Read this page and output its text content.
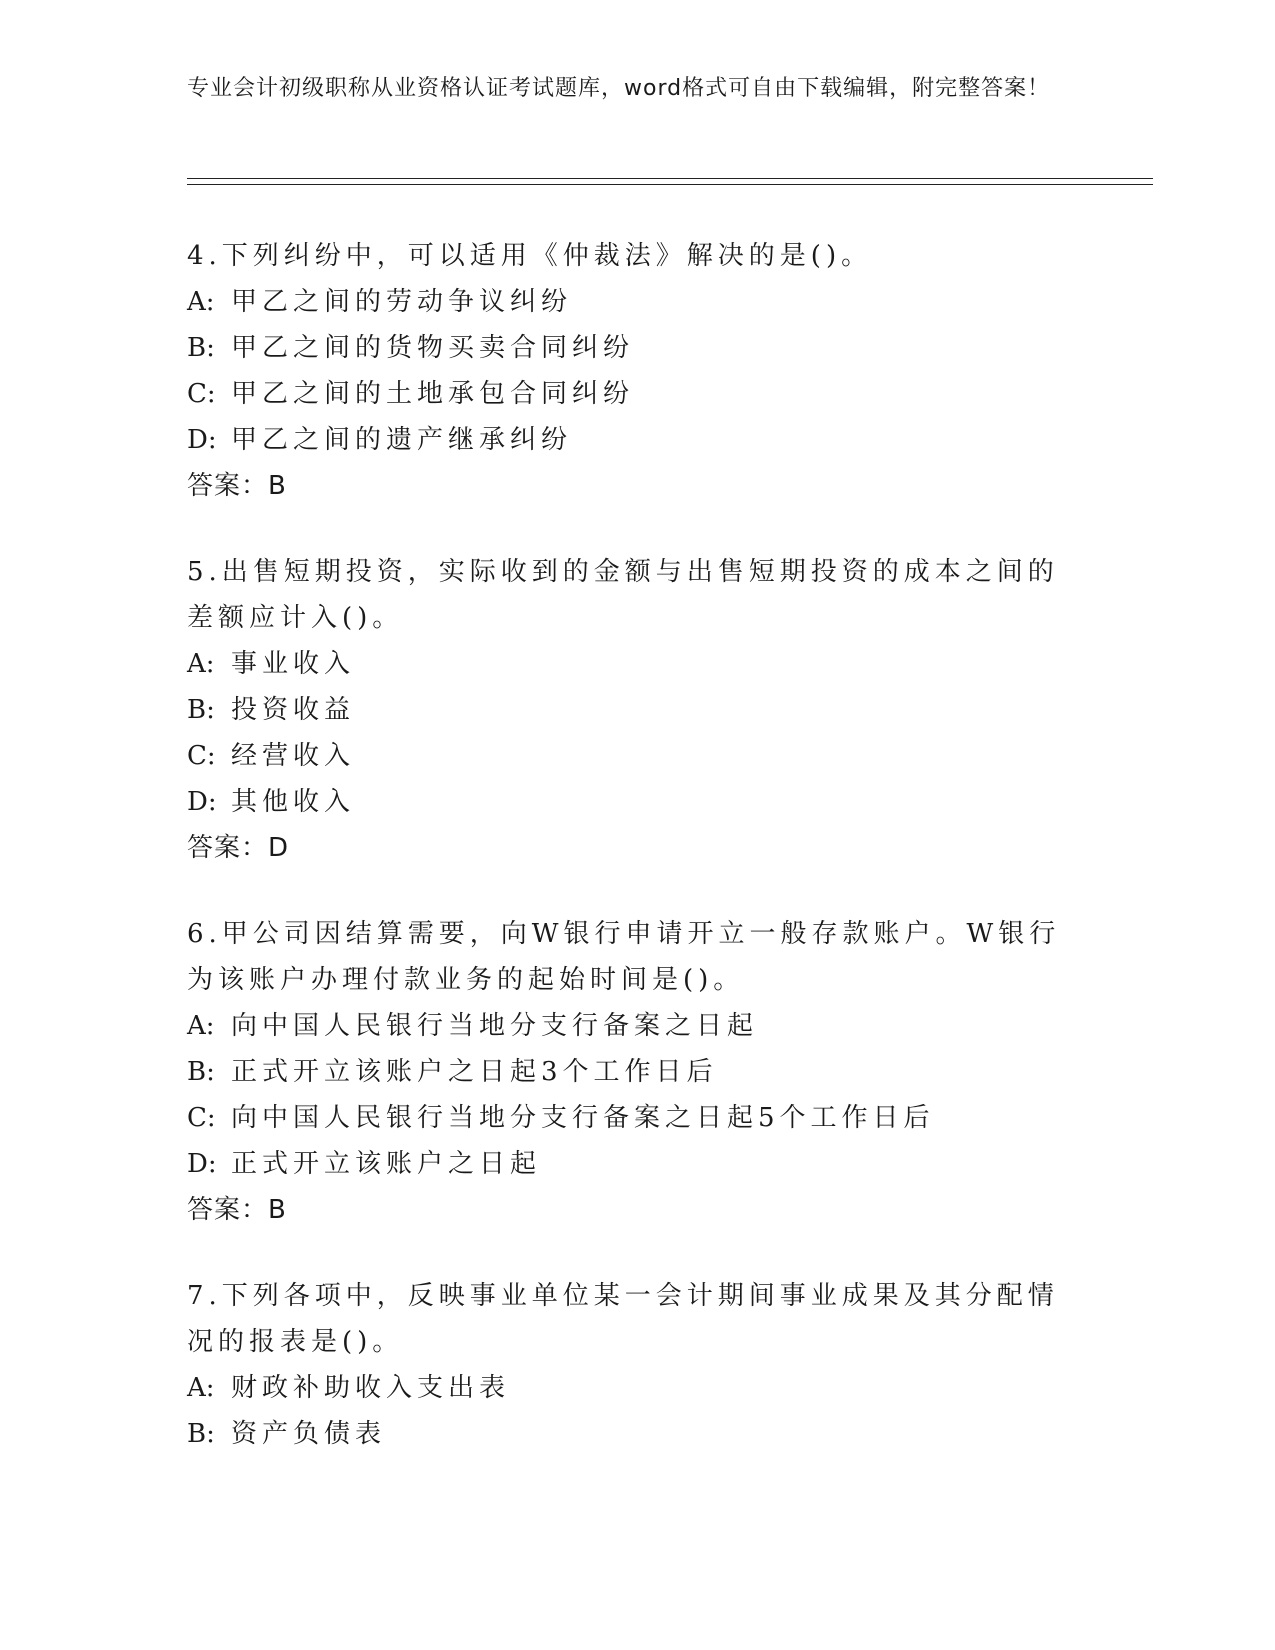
专业会计初级职称从业资格认证考试题库，word格式可自由下载编辑，附完整答案！
4.下列纠纷中，可以适用《仲裁法》解决的是()。
A: 甲乙之间的劳动争议纠纷
B: 甲乙之间的货物买卖合同纠纷
C: 甲乙之间的土地承包合同纠纷
D: 甲乙之间的遗产继承纠纷
答案：B
5.出售短期投资，实际收到的金额与出售短期投资的成本之间的差额应计入()。
A: 事业收入
B: 投资收益
C: 经营收入
D: 其他收入
答案：D
6.甲公司因结算需要，向W银行申请开立一般存款账户。W银行为该账户办理付款业务的起始时间是()。
A: 向中国人民银行当地分支行备案之日起
B: 正式开立该账户之日起3个工作日后
C: 向中国人民银行当地分支行备案之日起5个工作日后
D: 正式开立该账户之日起
答案：B
7.下列各项中，反映事业单位某一会计期间事业成果及其分配情况的报表是()。
A: 财政补助收入支出表
B: 资产负债表
